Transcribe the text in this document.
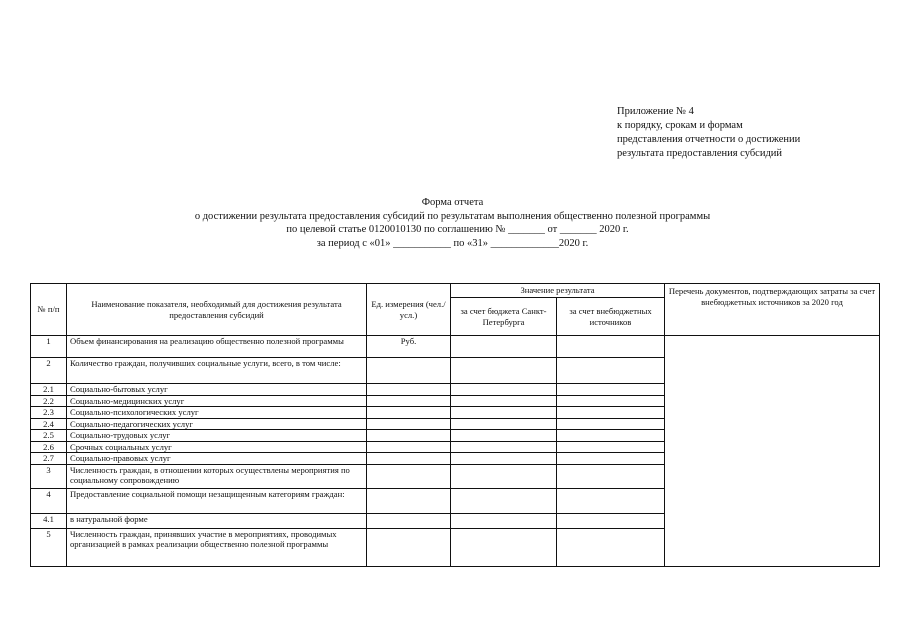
Приложение № 4
к порядку, срокам и формам
представления отчетности о достижении
результата предоставления субсидий
Форма отчета
о достижении результата предоставления субсидий по результатам выполнения общественно полезной программы
по целевой статье 0120010130 по соглашению № _______ от _______ 2020 г.
за период с «01» ___________ по «31» _____________2020 г.
№ п/п	Наименование показателя, необходимый для достижения результата предоставления субсидий	Ед. измерения (чел./усл.)	Значение результата		Перечень документов, подтверждающих затраты за счет внебюджетных источников за 2020 год
			за счет бюджета Санкт-Петербурга	за счет внебюджетных источников	
1	Объем финансирования на реализацию общественно полезной программы	Руб.			
2	Количество граждан, получивших социальные услуги, всего, в том числе:				
2.1	Социально-бытовых услуг				
2.2	Социально-медицинских услуг				
2.3	Социально-психологических услуг				
2.4	Социально-педагогических услуг				
2.5	Социально-трудовых услуг				
2.6	Срочных социальных услуг				
2.7	Социально-правовых услуг				
3	Численность граждан, в отношении которых осуществлены мероприятия по социальному сопровождению				
4	Предоставление социальной помощи незащищенным категориям граждан:				
4.1	в натуральной форме				
5	Численность граждан, принявших участие в мероприятиях, проводимых организацией в рамках реализации общественно полезной программы				
